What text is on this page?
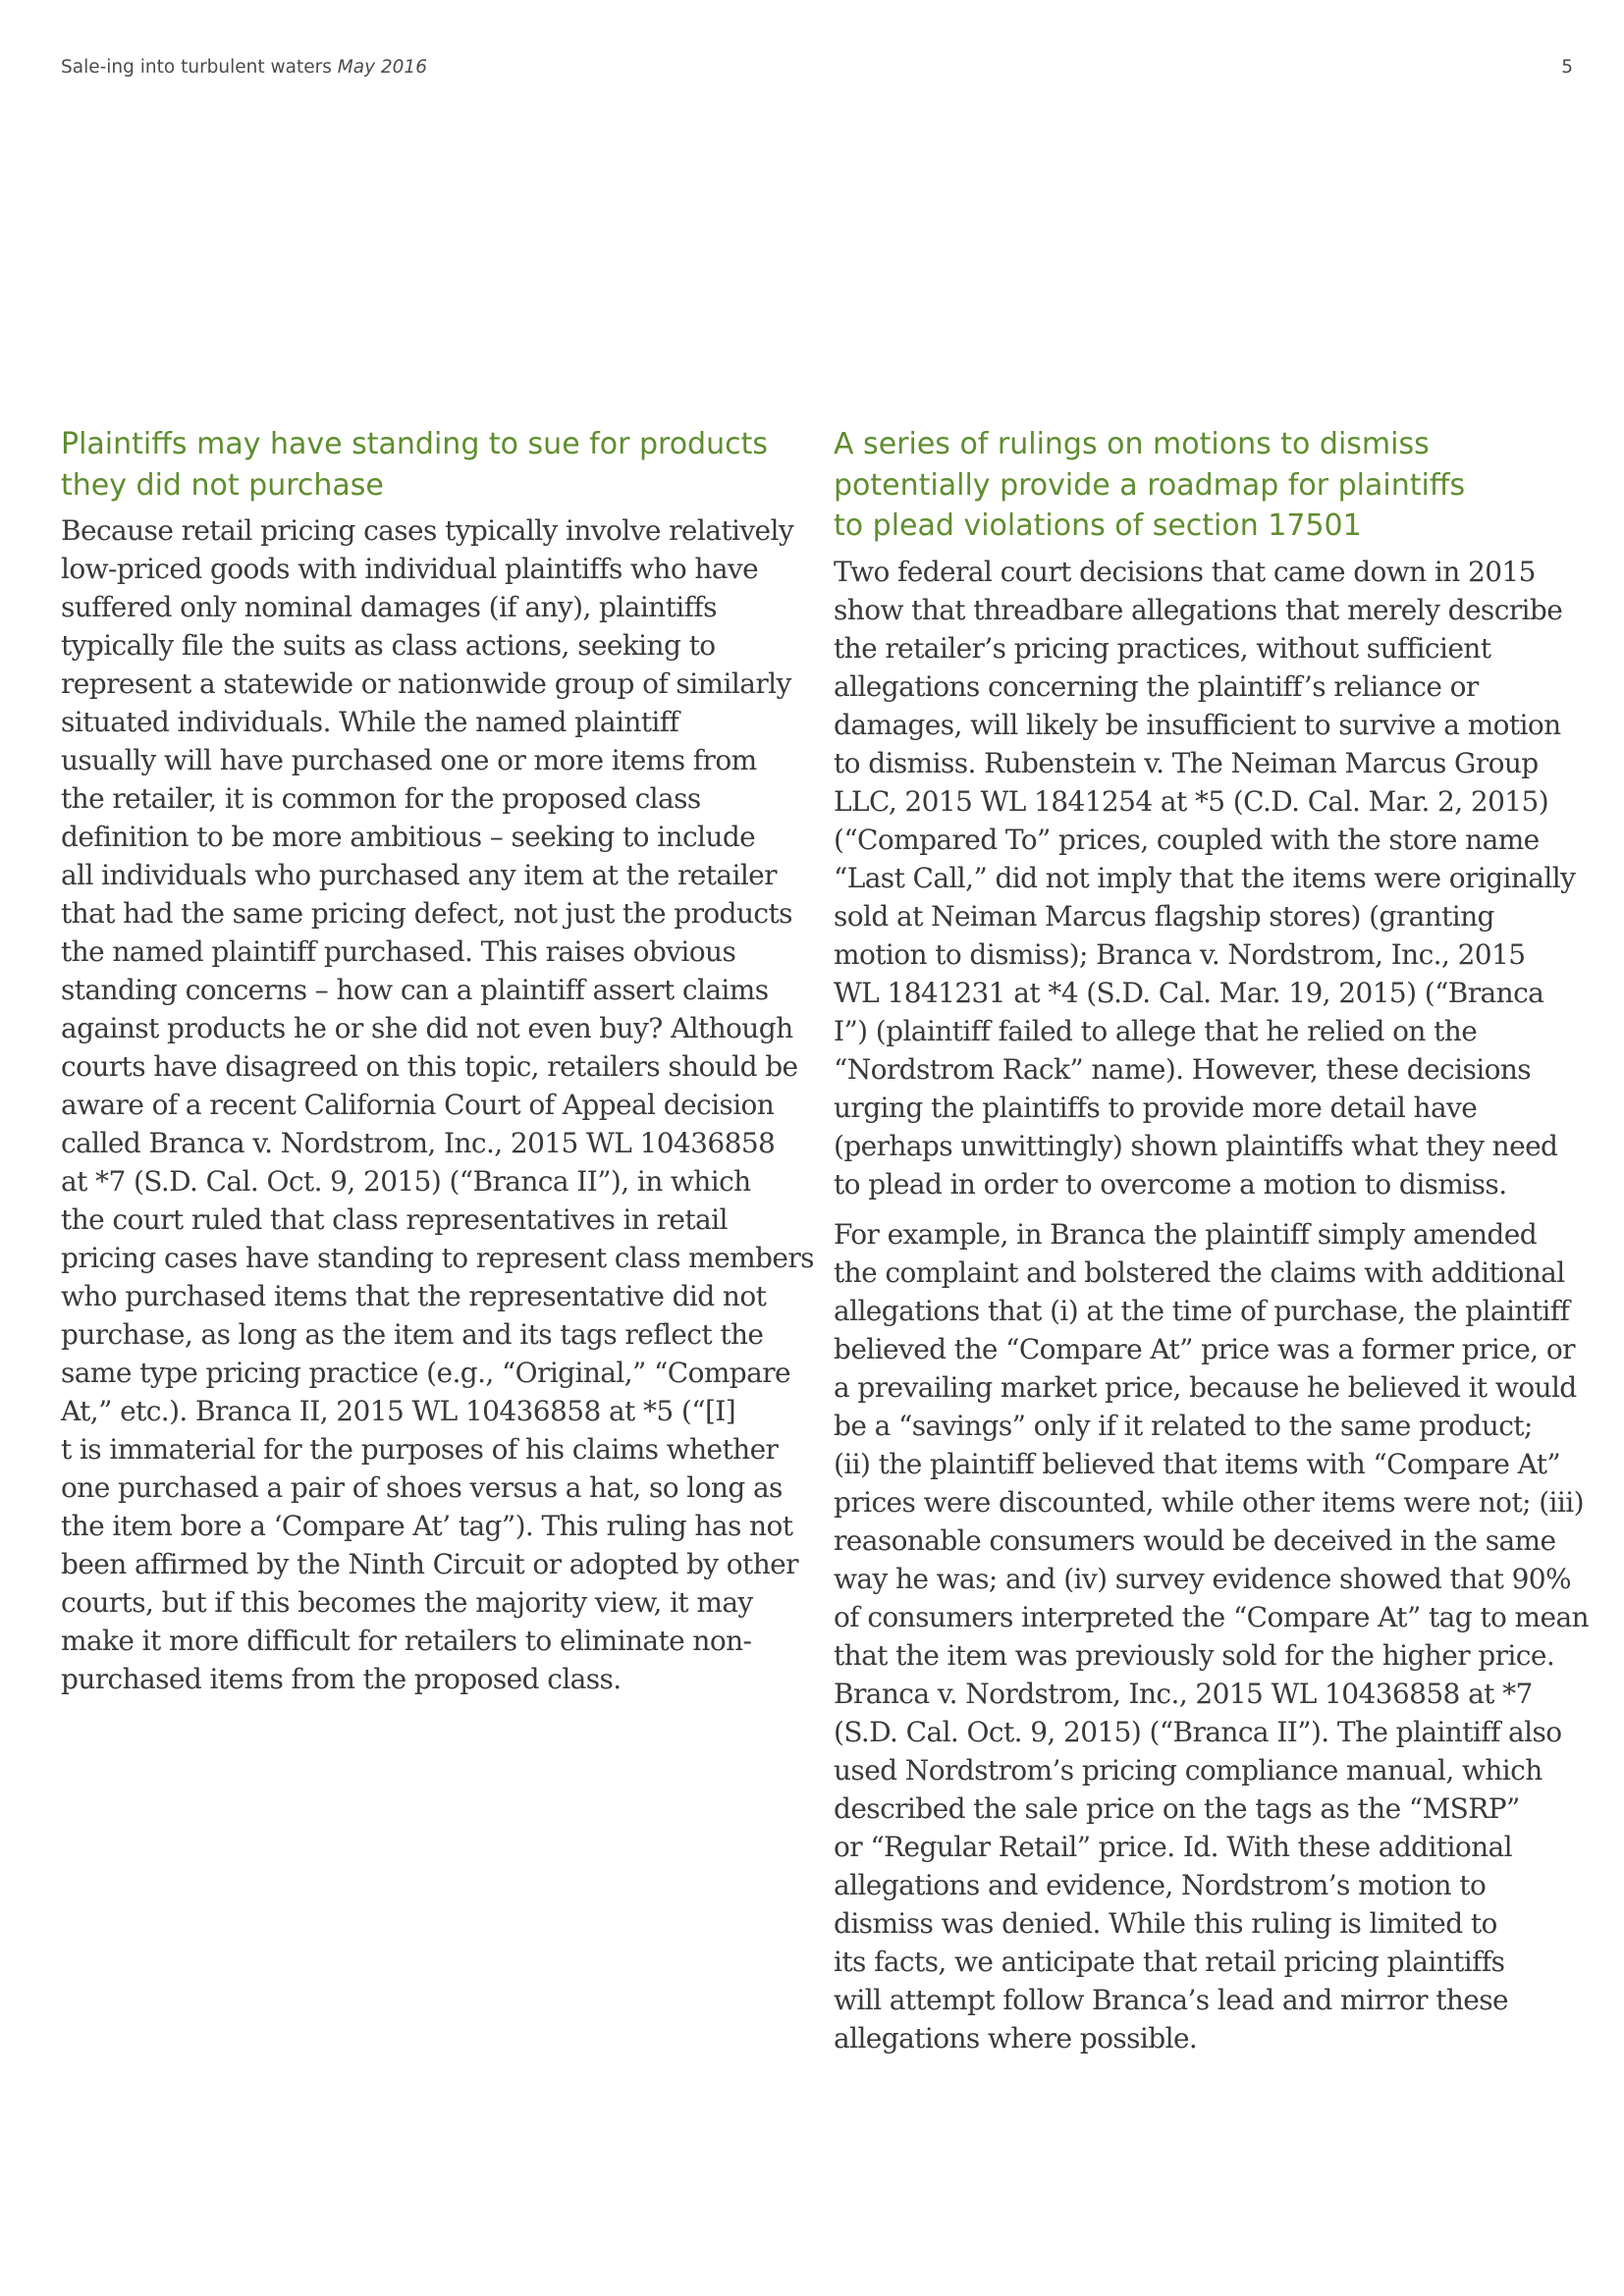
Sale-ing into turbulent waters May 2016	5
Plaintiffs may have standing to sue for products
they did not purchase

Because retail pricing cases typically involve relatively
low-priced goods with individual plaintiffs who have
suffered only nominal damages (if any), plaintiffs
typically file the suits as class actions, seeking to
represent a statewide or nationwide group of similarly
situated individuals. While the named plaintiff
usually will have purchased one or more items from
the retailer, it is common for the proposed class
definition to be more ambitious – seeking to include
all individuals who purchased any item at the retailer
that had the same pricing defect, not just the products
the named plaintiff purchased. This raises obvious
standing concerns – how can a plaintiff assert claims
against products he or she did not even buy? Although
courts have disagreed on this topic, retailers should be
aware of a recent California Court of Appeal decision
called Branca v. Nordstrom, Inc., 2015 WL 10436858
at *7 (S.D. Cal. Oct. 9, 2015) (“Branca II”), in which
the court ruled that class representatives in retail
pricing cases have standing to represent class members
who purchased items that the representative did not
purchase, as long as the item and its tags reflect the
same type pricing practice (e.g., “Original,” “Compare
At,” etc.). Branca II, 2015 WL 10436858 at *5 (“[I]
t is immaterial for the purposes of his claims whether
one purchased a pair of shoes versus a hat, so long as
the item bore a ‘Compare At’ tag”). This ruling has not
been affirmed by the Ninth Circuit or adopted by other
courts, but if this becomes the majority view, it may
make it more difficult for retailers to eliminate non-
purchased items from the proposed class.

A series of rulings on motions to dismiss
potentially provide a roadmap for plaintiffs
to plead violations of section 17501

Two federal court decisions that came down in 2015
show that threadbare allegations that merely describe
the retailer’s pricing practices, without sufficient
allegations concerning the plaintiff’s reliance or
damages, will likely be insufficient to survive a motion
to dismiss. Rubenstein v. The Neiman Marcus Group
LLC, 2015 WL 1841254 at *5 (C.D. Cal. Mar. 2, 2015)
(“Compared To” prices, coupled with the store name
“Last Call,” did not imply that the items were originally
sold at Neiman Marcus flagship stores) (granting
motion to dismiss); Branca v. Nordstrom, Inc., 2015
WL 1841231 at *4 (S.D. Cal. Mar. 19, 2015) (“Branca
I”) (plaintiff failed to allege that he relied on the
“Nordstrom Rack” name). However, these decisions
urging the plaintiffs to provide more detail have
(perhaps unwittingly) shown plaintiffs what they need
to plead in order to overcome a motion to dismiss.

For example, in Branca the plaintiff simply amended
the complaint and bolstered the claims with additional
allegations that (i) at the time of purchase, the plaintiff
believed the “Compare At” price was a former price, or
a prevailing market price, because he believed it would
be a “savings” only if it related to the same product;
(ii) the plaintiff believed that items with “Compare At”
prices were discounted, while other items were not; (iii)
reasonable consumers would be deceived in the same
way he was; and (iv) survey evidence showed that 90%
of consumers interpreted the “Compare At” tag to mean
that the item was previously sold for the higher price.
Branca v. Nordstrom, Inc., 2015 WL 10436858 at *7
(S.D. Cal. Oct. 9, 2015) (“Branca II”). The plaintiff also
used Nordstrom’s pricing compliance manual, which
described the sale price on the tags as the “MSRP”
or “Regular Retail” price. Id. With these additional
allegations and evidence, Nordstrom’s motion to
dismiss was denied. While this ruling is limited to
its facts, we anticipate that retail pricing plaintiffs
will attempt follow Branca’s lead and mirror these
allegations where possible.
